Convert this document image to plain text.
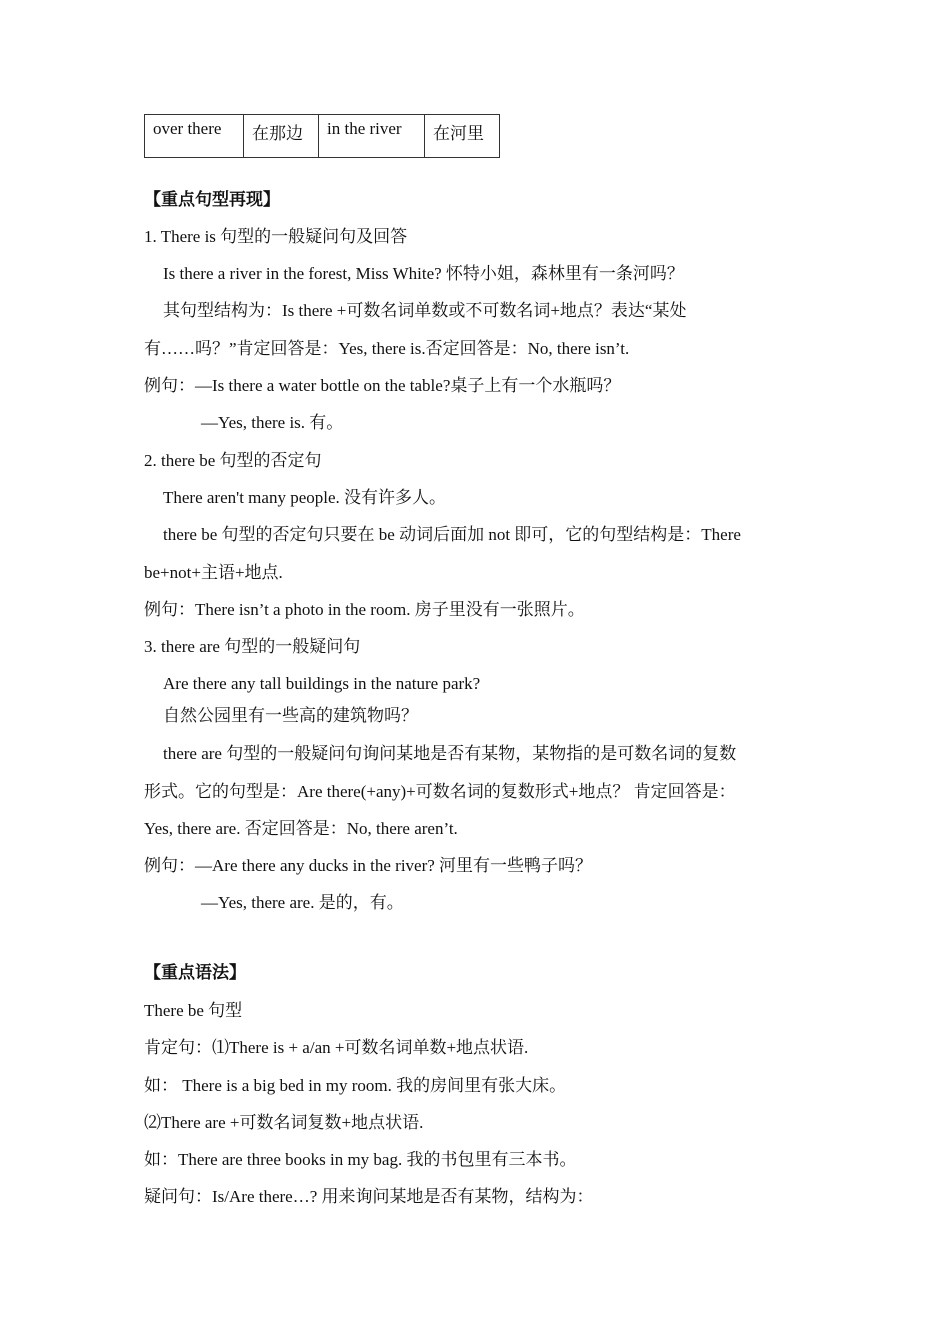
over there	在那边	in the river	在河里
【重点句型再现】
1. There is 句型的一般疑问句及回答
Is there a river in the forest, Miss White? 怀特小姐，森林里有一条河吗？
其句型结构为：Is there +可数名词单数或不可数名词+地点？表达“某处
有……吗？”肯定回答是：Yes, there is.否定回答是：No, there isn’t.
例句：—Is there a water bottle on the table?桌子上有一个水瓶吗？
—Yes, there is. 有。
2. there be 句型的否定句
There aren't many people. 没有许多人。
there be 句型的否定句只要在 be 动词后面加 not 即可，它的句型结构是：There
be+not+主语+地点.
例句：There isn’t a photo in the room. 房子里没有一张照片。
3. there are 句型的一般疑问句
Are there any tall buildings in the nature park?
自然公园里有一些高的建筑物吗？
there are 句型的一般疑问句询问某地是否有某物，某物指的是可数名词的复数
形式。它的句型是：Are there(+any)+可数名词的复数形式+地点？ 肯定回答是：
Yes, there are. 否定回答是：No, there aren’t.
例句：—Are there any ducks in the river? 河里有一些鸭子吗？
—Yes, there are. 是的，有。
【重点语法】
There be 句型
肯定句：⑴There is + a/an +可数名词单数+地点状语.
如： There is a big bed in my room. 我的房间里有张大床。
⑵There are +可数名词复数+地点状语.
如：There are three books in my bag. 我的书包里有三本书。
疑问句：Is/Are there…? 用来询问某地是否有某物，结构为：
